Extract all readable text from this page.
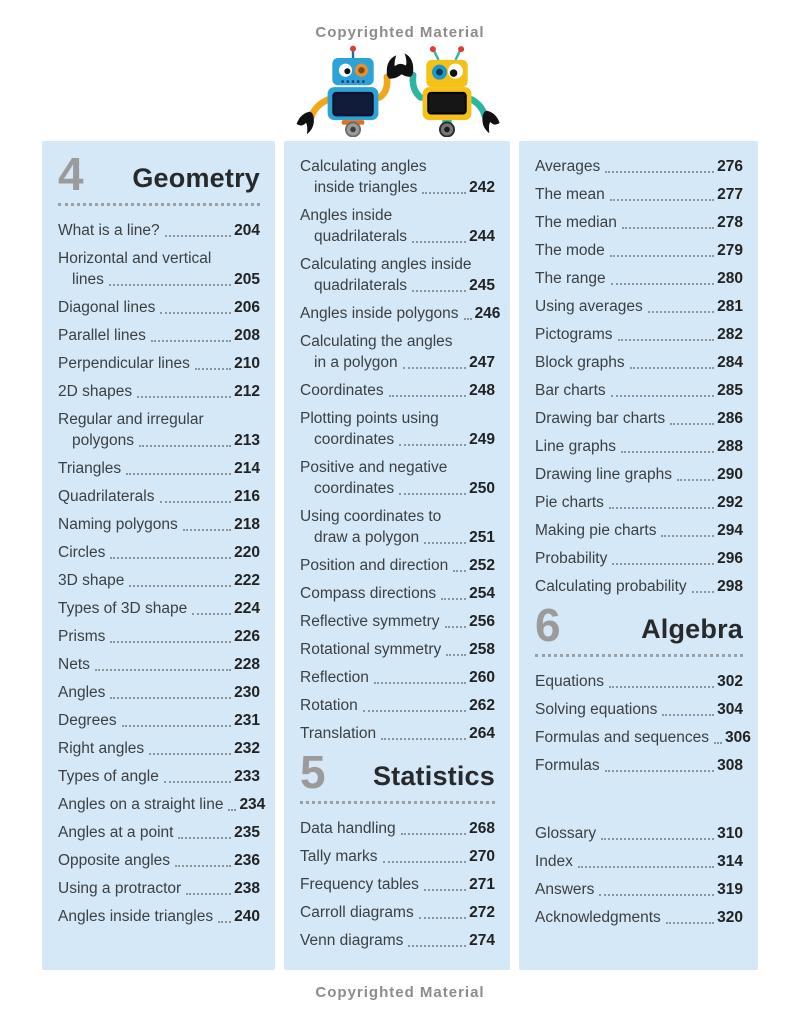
Copyrighted Material
4 Geometry
What is a line?	204
Horizontal and vertical
lines	205
Diagonal lines	206
Parallel lines	208
Perpendicular lines	210
2D shapes	212
Regular and irregular
polygons	213
Triangles	214
Quadrilaterals	216
Naming polygons	218
Circles	220
3D shape	222
Types of 3D shape	224
Prisms	226
Nets	228
Angles	230
Degrees	231
Right angles	232
Types of angle	233
Angles on a straight line 234
Angles at a point	235
Opposite angles	236
Using a protractor	238
Angles inside triangles 240
Calculating angles
inside triangles	242
Angles inside
quadrilaterals	244
Calculating angles inside
quadrilaterals	245
Angles inside polygons 246
Calculating the angles
in a polygon	247
Coordinates	248
Plotting points using
coordinates	249
Positive and negative
coordinates	250
Using coordinates to
draw a polygon	251
Position and direction 252
Compass directions 254
Reflective symmetry 256
Rotational symmetry 258
Reflection	260
Rotation	262
Translation	264
5 Statistics
Data handling	268
Tally marks	270
Frequency tables	271
Carroll diagrams	272
Venn diagrams	274
Averages	276
The mean	277
The median	278
The mode	279
The range	280
Using averages	281
Pictograms	282
Block graphs	284
Bar charts	285
Drawing bar charts	286
Line graphs	288
Drawing line graphs	290
Pie charts	292
Making pie charts	294
Probability	296
Calculating probability 298
6	Algebra
Equations	302
Solving equations	304
Formulas and sequences 306
Formulas	308
Glossary	310
Index	314
Answers	319
Acknowledgments	320
Copyrighted Material
